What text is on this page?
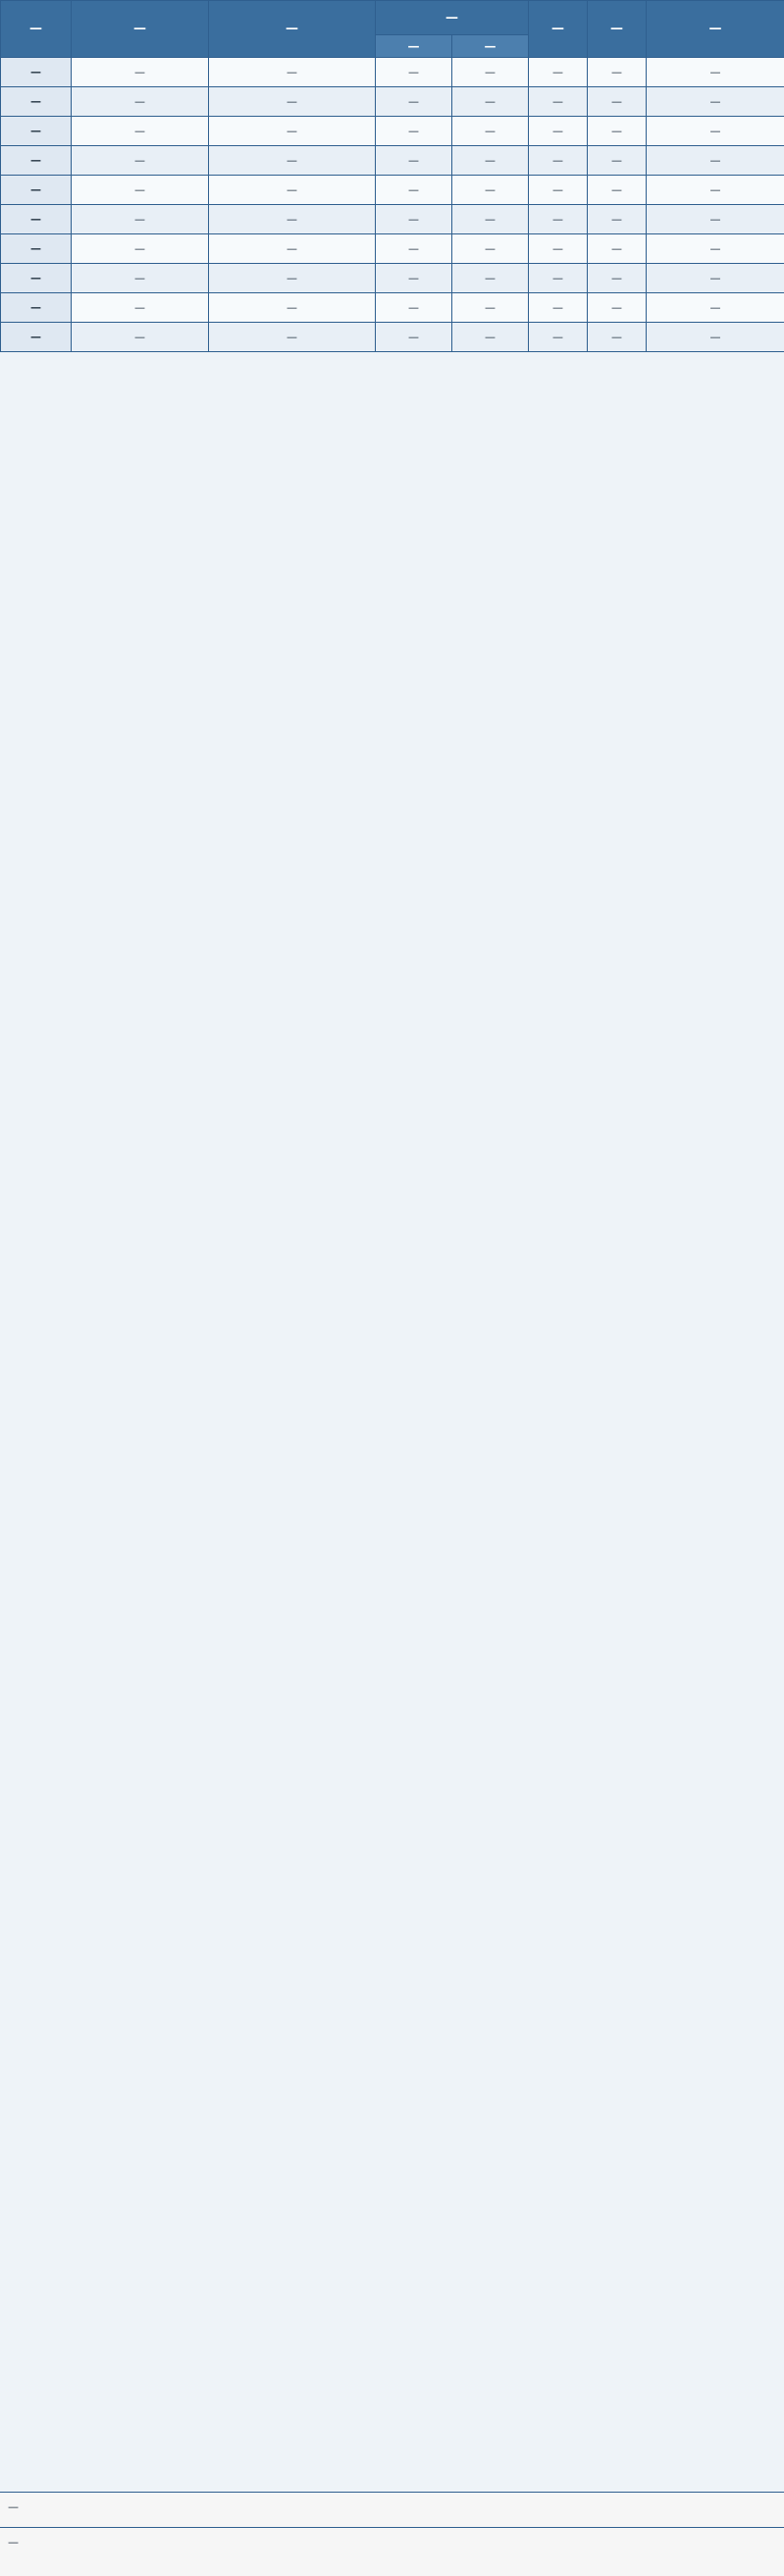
—	—	—	—		—	—	—
			—	—			
—	—	—	—	—	—	—	—
—	—	—	—	—	—	—	—
—	—	—	—	—	—	—	—
—	—	—	—	—	—	—	—
—	—	—	—	—	—	—	—
—	—	—	—	—	—	—	—
—	—	—	—	—	—	—	—
—	—	—	—	—	—	—	—
—	—	—	—	—	—	—	—
—	—	—	—	—	—	—	—
—
—
